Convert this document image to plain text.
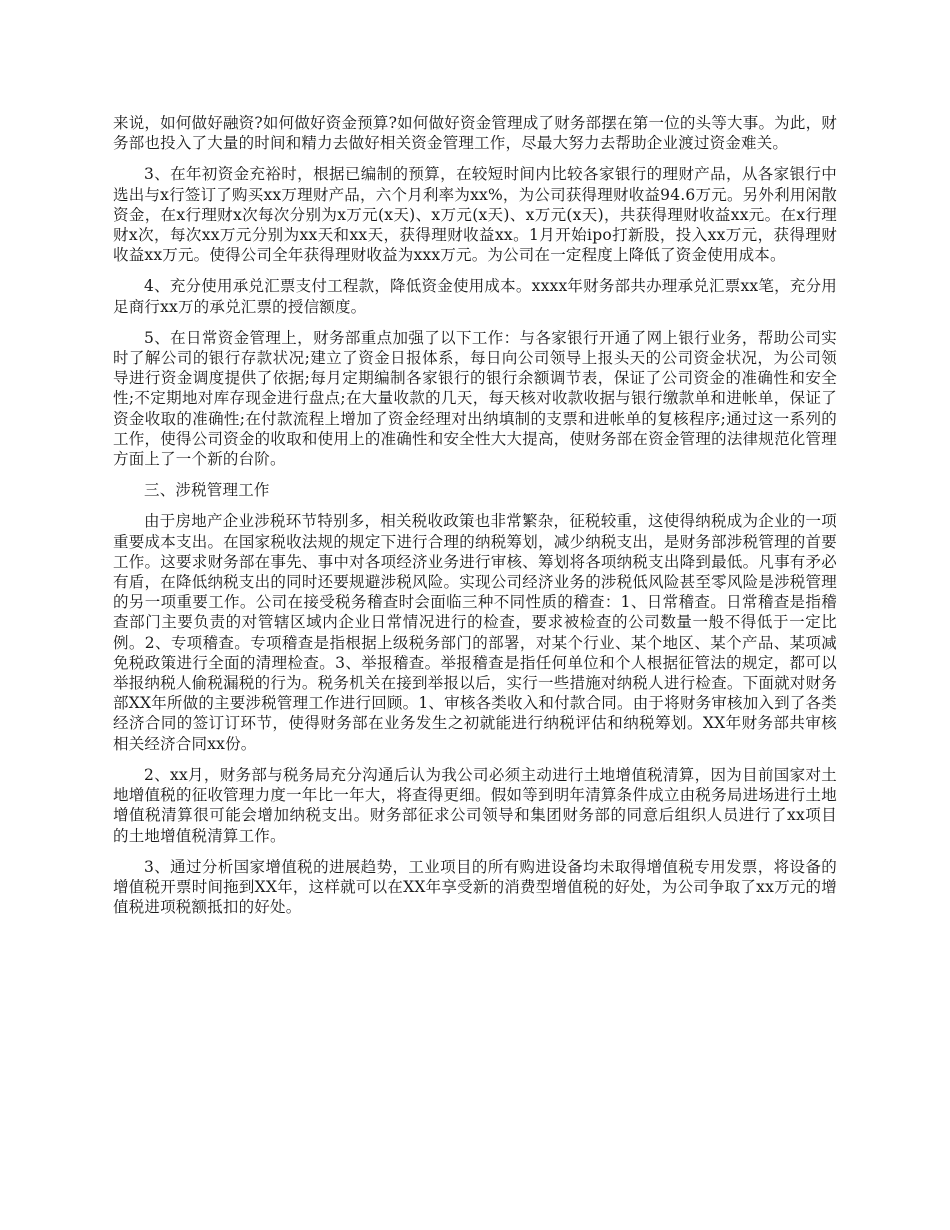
来说，如何做好融资?如何做好资金预算?如何做好资金管理成了财务部摆在第一位的头等大事。为此，财务部也投入了大量的时间和精力去做好相关资金管理工作，尽最大努力去帮助企业渡过资金难关。

3、在年初资金充裕时，根据已编制的预算，在较短时间内比较各家银行的理财产品，从各家银行中选出与x行签订了购买xx万理财产品，六个月利率为xx%，为公司获得理财收益94.6万元。另外利用闲散资金，在x行理财x次每次分别为x万元(x天)、x万元(x天)、x万元(x天)，共获得理财收益xx元。在x行理财x次，每次xx万元分别为xx天和xx天，获得理财收益xx。1月开始ipo打新股，投入xx万元，获得理财收益xx万元。使得公司全年获得理财收益为xxx万元。为公司在一定程度上降低了资金使用成本。

4、充分使用承兑汇票支付工程款，降低资金使用成本。xxxx年财务部共办理承兑汇票xx笔，充分用足商行xx万的承兑汇票的授信额度。

5、在日常资金管理上，财务部重点加强了以下工作：与各家银行开通了网上银行业务，帮助公司实时了解公司的银行存款状况;建立了资金日报体系，每日向公司领导上报头天的公司资金状况，为公司领导进行资金调度提供了依据;每月定期编制各家银行的银行余额调节表，保证了公司资金的准确性和安全性;不定期地对库存现金进行盘点;在大量收款的几天，每天核对收款收据与银行缴款单和进帐单，保证了资金收取的准确性;在付款流程上增加了资金经理对出纳填制的支票和进帐单的复核程序;通过这一系列的工作，使得公司资金的收取和使用上的准确性和安全性大大提高，使财务部在资金管理的法律规范化管理方面上了一个新的台阶。

三、涉税管理工作

由于房地产企业涉税环节特别多，相关税收政策也非常繁杂，征税较重，这使得纳税成为企业的一项重要成本支出。在国家税收法规的规定下进行合理的纳税筹划，减少纳税支出，是财务部涉税管理的首要工作。这要求财务部在事先、事中对各项经济业务进行审核、筹划将各项纳税支出降到最低。凡事有矛必有盾，在降低纳税支出的同时还要规避涉税风险。实现公司经济业务的涉税低风险甚至零风险是涉税管理的另一项重要工作。公司在接受税务稽查时会面临三种不同性质的稽查：1、日常稽查。日常稽查是指稽查部门主要负责的对管辖区域内企业日常情况进行的检查，要求被检查的公司数量一般不得低于一定比例。2、专项稽查。专项稽查是指根据上级税务部门的部署，对某个行业、某个地区、某个产品、某项减免税政策进行全面的清理检查。3、举报稽查。举报稽查是指任何单位和个人根据征管法的规定，都可以举报纳税人偷税漏税的行为。税务机关在接到举报以后，实行一些措施对纳税人进行检查。下面就对财务部XX年所做的主要涉税管理工作进行回顾。1、审核各类收入和付款合同。由于将财务审核加入到了各类经济合同的签订订环节，使得财务部在业务发生之初就能进行纳税评估和纳税筹划。XX年财务部共审核相关经济合同xx份。

2、xx月，财务部与税务局充分沟通后认为我公司必须主动进行土地增值税清算，因为目前国家对土地增值税的征收管理力度一年比一年大，将查得更细。假如等到明年清算条件成立由税务局进场进行土地增值税清算很可能会增加纳税支出。财务部征求公司领导和集团财务部的同意后组织人员进行了xx项目的土地增值税清算工作。

3、通过分析国家增值税的进展趋势，工业项目的所有购进设备均未取得增值税专用发票，将设备的增值税开票时间拖到XX年，这样就可以在XX年享受新的消费型增值税的好处，为公司争取了xx万元的增值税进项税额抵扣的好处。
